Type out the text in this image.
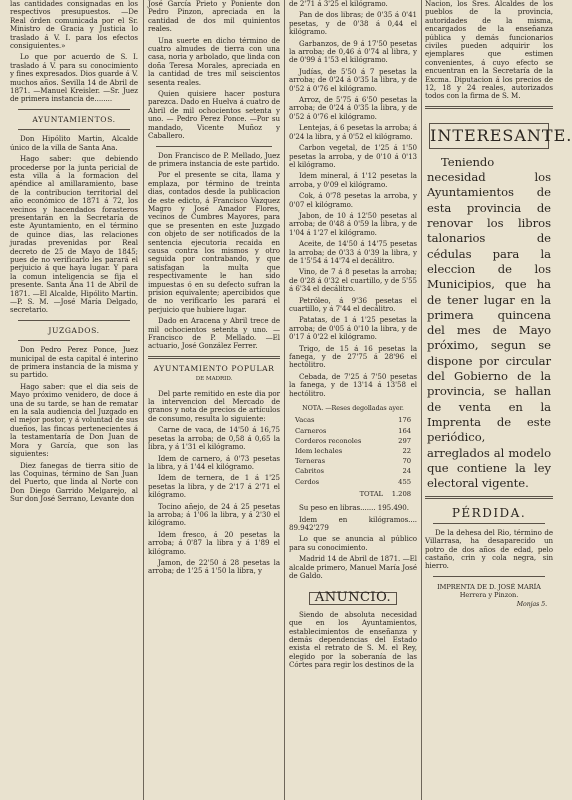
las cantidades consignadas en los respectivos presupuestos. —De Real órden comunicada por el Sr. Ministro de Gracia y Justicia lo traslado á V. I. para los efectos consiguientes.»

Lo que por acuerdo de S. I. traslado á V. para su conocimiento y fines expresados. Dios guarde á V. muchos años. Sevilla 14 de Abril de 1871. —Manuel Kreisler. —Sr. Juez de primera instancia de........

AYUNTAMIENTOS.

Don Hipólito Martin, Alcalde único de la villa de Santa Ana.

Hago saber: que debiendo procederse por la junta pericial de esta villa á la formacion del apéndice al amillaramiento, base de la contribucion territorial del año económico de 1871 á 72, los vecinos y hacendados forasteros presentarán en la Secretaría de este Ayuntamiento, en el término de quince dias, las relaciones juradas prevenidas por Real decreto de 25 de Mayo de 1845; pues de no verificarlo les parará el perjuicio á que haya lugar. Y para la comun inteligencia se fija el presente. Santa Ana 11 de Abril de 1871. —El Alcalde, Hipólito Martin. —P. S. M. —José María Delgado, secretario.

JUZGADOS.

Don Pedro Perez Ponce, Juez municipal de esta capital é interino de primera instancia de la misma y su partido.

Hago saber: que el dia seis de Mayo próximo venidero, de doce á una de su tarde, se han de rematar en la sala audiencia del Juzgado en el mejor postor, y á voluntad de sus dueños, las fincas pertenecientes á la testamentaría de Don Juan de Mora y García, que son las siguientes:

Diez fanegas de tierra sitio de las Coquinas, término de San Juan del Puerto, que linda al Norte con Don Diego Garrido Melgarejo, al Sur don José Serrano, Levante don

José García Prieto y Poniente don Pedro Pinzon, apreciada en la cantidad de dos mil quinientos reales.

Una suerte en dicho término de cuatro almudes de tierra con una casa, noria y arbolado, que linda con doña Teresa Morales, apreciada en la cantidad de tres mil seiscientos sesenta reales.

Quien quisiere hacer postura parezca. Dado en Huelva á cuatro de Abril de mil ochocientos setenta y uno. — Pedro Perez Ponce. —Por su mandado, Vicente Muñoz y Caballero.

Don Francisco de P. Mellado, Juez de primera instancia de este partido.

Por el presente se cita, llama y emplaza, por término de treinta dias, contados desde la publicacion de este edicto, á Francisco Vazquez Magro y José Amador Flores, vecinos de Cumbres Mayores, para que se presenten en este Juzgado con objeto de ser notificados de la sentencia ejecutoria recaida en causa contra los mismos y otro seguida por contrabando, y que satisfagan la multa que respectivamente le han sido impuestas ó en su defecto sufran la prision equivalente; apercibidos que de no verificarlo les parará el perjuicio que hubiere lugar.

Dado en Aracena y Abril trece de mil ochocientos setenta y uno. —Francisco de P. Mellado. —El actuario, José González Ferrer.

AYUNTAMIENTO POPULAR
DE MADRID.

Del parte remitido en este dia por la intervencion del Mercado de granos y nota de precios de artículos de consumo, resulta lo siguiente:

Carne de vaca, de 14'50 á 16,75 pesetas la arroba; de 0,58 á 0,65 la libra, y á 1'31 el kilógramo.

Idem de carnero, á 0'73 pesetas la libra, y á 1'44 el kilógramo.

Idem de ternera, de 1 á 1'25 pesetas la libra, y de 2'17 á 2'71 el kilógramo.

Tocino añejo, de 24 á 25 pesetas la arroba; á 1'06 la libra, y á 2'30 el kilógramo.

Idem fresco, á 20 pesetas la arroba; á 0'87 la libra y á 1'89 el kilógramo.

Jamon, de 22'50 á 28 pesetas la arroba; de 1'25 á 1'50 la libra, y

de 2'71 á 3'25 el kilógramo.

Pan de dos libras; de 0'35 á 0'41 pesetas, y de 0'38 á 0,44 el kilógramo.

Garbanzos, de 9 á 17'50 pesetas la arroba; de 0,46 á 0'74 al libra, y de 0'99 á 1'53 el kilógramo.

Judías, de 5'50 á 7 pesetas la arroba; de 0'24 á 0'35 la libra, y de 0'52 á 0'76 el kilógramo.

Arroz, de 5'75 á 6'50 pesetas la arroba; de 0'24 á 0'35 la libra, y de 0'52 á 0'76 el kilógramo.

Lentejas, á 6 pesetas la arroba; á 0'24 la libra, y á 0'52 el kilógramo.

Carbon vegetal, de 1'25 á 1'50 pesetas la arroba, y de 0'10 á 0'13 el kilógramo.

Idem mineral, á 1'12 pesetas la arroba, y 0'09 el kilógramo.

Cok, á 0'78 pesetas la arroba, y 0'07 el kilógramo.

Jabon, de 10 á 12'50 pesetas al arroba; de 0'48 á 0'59 la libra, y de 1'04 á 1'27 el kilógramo.

Aceite, de 14'50 á 14'75 pesetas la arroba; de 0'33 á 0'39 la libra, y de 1'5'54 á 14'74 el decálitro.

Vino, de 7 á 8 pesetas la arroba; de 0'28 á 0'32 el cuartillo, y de 5'55 á 6'34 el decálitro.

Petróleo, á 9'36 pesetas el cuartillo, y á 7'44 el decálitro.

Patatas, de 1 á 1'25 pesetas la arroba; de 0'05 á 0'10 la libra, y de 0'17 á 0'22 el kilógramo.

Trigo, de 15 á 16 pesetas la fanega, y de 27'75 á 28'96 el hectólitro.

Cebada, de 7'25 á 7'50 pesetas la fanega, y de 13'14 á 13'58 el hectólitro.

NOTA. —Reses degolladas ayer.
Vacas	176
Carneros	164
Corderos reconoles	297
Idem lechales	22
Terneras	70
Cabritos	24
Cerdos	455
TOTAL	1.208

Su peso en libras....... 195.490.

Idem en kilógramos.... 89.942'279

Lo que se anuncia al público para su conocimiento.

Madrid 14 de Abril de 1871. —El alcalde primero, Manuel María José de Galdo.

ANUNCIO.

Siendo de absoluta necesidad que en los Ayuntamientos, establecimientos de enseñanza y demás dependencias del Estado exista el retrato de S. M. el Rey, elegido por la soberanía de las Córtes para regir los destinos de la

Nacion, los Sres. Alcaldes de los pueblos de la provincia, autoridades de la misma, encargados de la enseñanza pública y demás funcionarios civiles pueden adquirir los ejemplares que estimen convenientes, á cuyo efecto se encuentran en la Secretaría de la Excma. Diputacion á los precios de 12, 18 y 24 reales, autorizados todos con la firma de S. M.

INTERESANTE.

Teniendo necesidad los Ayuntamientos de esta provincia de renovar los libros talonarios de cédulas para la eleccion de los Municipios, que ha de tener lugar en la primera quincena del mes de Mayo próximo, segun se dispone por circular del Gobierno de la provincia, se hallan de venta en la Imprenta de este periódico, arreglados al modelo que contiene la ley electoral vigente.

PÉRDIDA.

De la dehesa del Rio, término de Villarrasa, ha desaparecido un potro de dos años de edad, pelo castaño, crin y cola negra, sin hierro.

IMPRENTA DE D. JOSÉ MARÍA Herrera y Pinzon.
Monjas 5.
